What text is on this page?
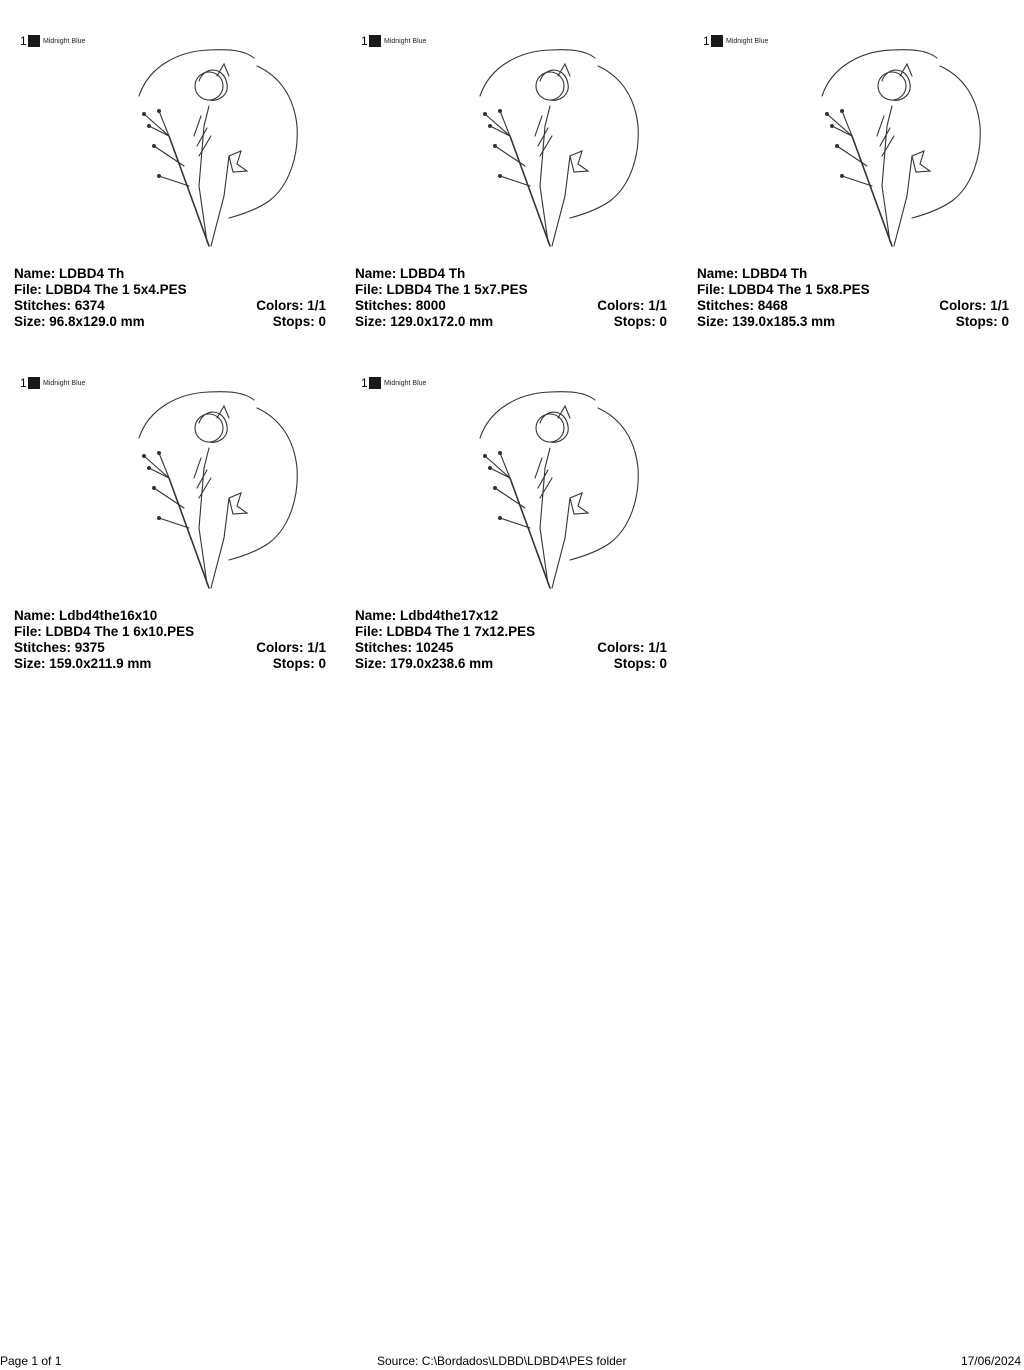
1 Midnight Blue
Name: LDBD4 Th
File: LDBD4 The 1 5x4.PES
Stitches: 6374	Colors: 1/1
Size: 96.8x129.0 mm	Stops: 0
1 Midnight Blue
Name: LDBD4 Th
File: LDBD4 The 1 5x7.PES
Stitches: 8000	Colors: 1/1
Size: 129.0x172.0 mm	Stops: 0
1 Midnight Blue
Name: LDBD4 Th
File: LDBD4 The 1 5x8.PES
Stitches: 8468	Colors: 1/1
Size: 139.0x185.3 mm	Stops: 0
1 Midnight Blue
Name: Ldbd4the16x10
File: LDBD4 The 1 6x10.PES
Stitches: 9375	Colors: 1/1
Size: 159.0x211.9 mm	Stops: 0
1 Midnight Blue
Name: Ldbd4the17x12
File: LDBD4 The 1 7x12.PES
Stitches: 10245	Colors: 1/1
Size: 179.0x238.6 mm	Stops: 0
Page 1 of 1	Source: C:\Bordados\LDBD\LDBD4\PES folder	17/06/2024
